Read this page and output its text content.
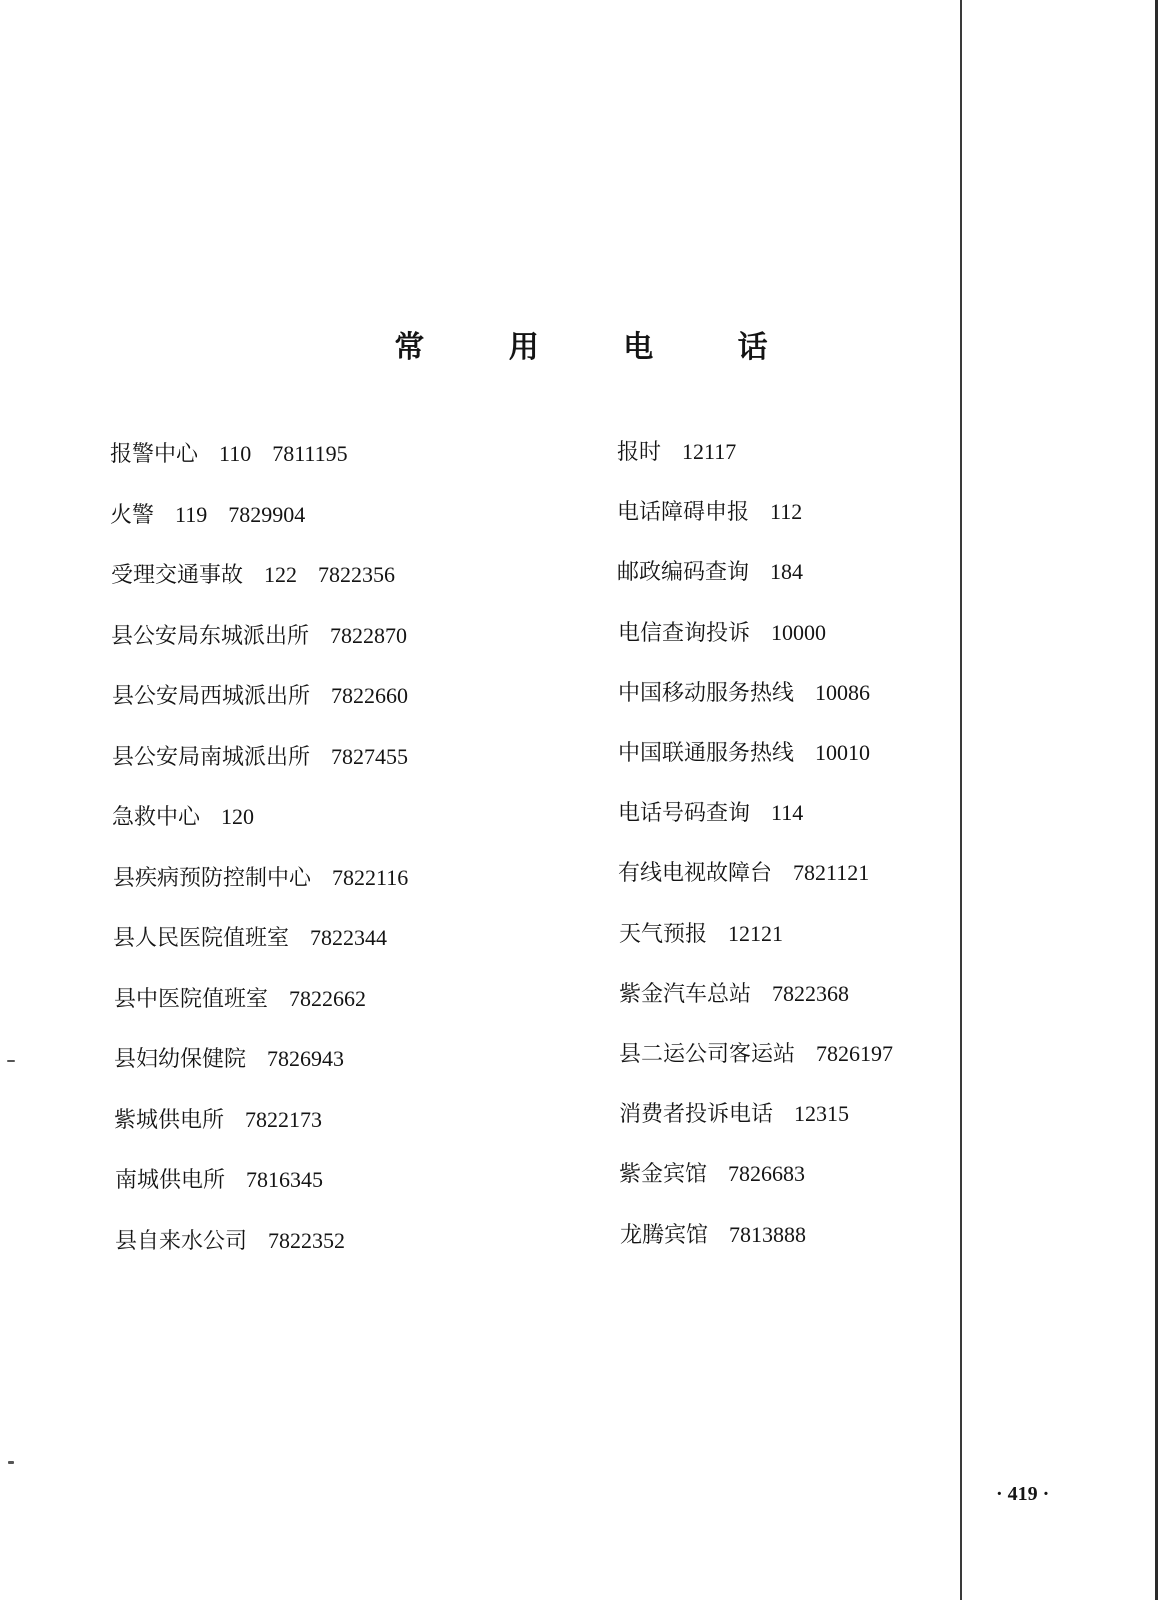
常 用 电 话
报警中心 110 7811195
火警 119 7829904
受理交通事故 122 7822356
县公安局东城派出所 7822870
县公安局西城派出所 7822660
县公安局南城派出所 7827455
急救中心 120
县疾病预防控制中心 7822116
县人民医院值班室 7822344
县中医院值班室 7822662
县妇幼保健院 7826943
紫城供电所 7822173
南城供电所 7816345
县自来水公司 7822352
报时 12117
电话障碍申报 112
邮政编码查询 184
电信查询投诉 10000
中国移动服务热线 10086
中国联通服务热线 10010
电话号码查询 114
有线电视故障台 7821121
天气预报 12121
紫金汽车总站 7822368
县二运公司客运站 7826197
消费者投诉电话 12315
紫金宾馆 7826683
龙腾宾馆 7813888
· 419 ·
